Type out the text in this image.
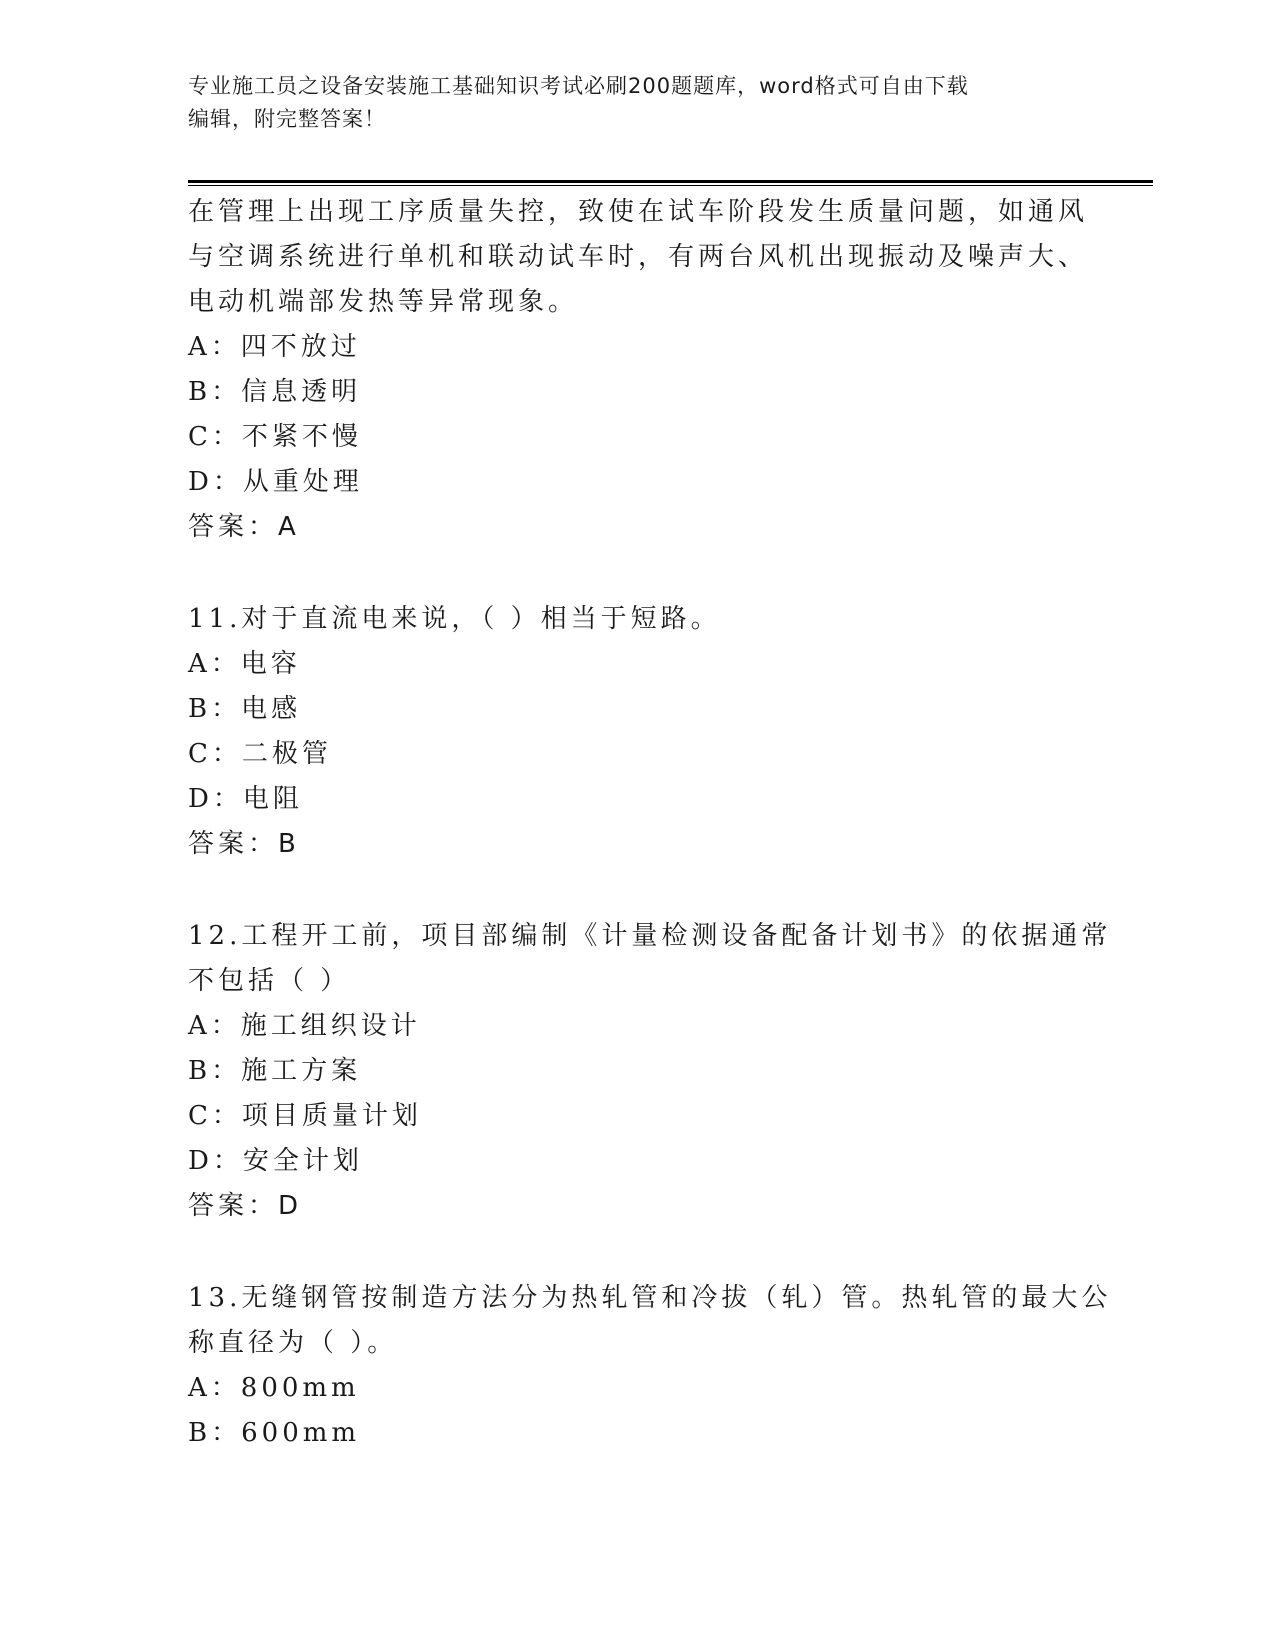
专业施工员之设备安装施工基础知识考试必刷200题题库，word格式可自由下载
编辑，附完整答案！
在管理上出现工序质量失控，致使在试车阶段发生质量问题，如通风
与空调系统进行单机和联动试车时，有两台风机出现振动及噪声大、
电动机端部发热等异常现象。
A：四不放过
B：信息透明
C：不紧不慢
D：从重处理
答案：A
11.对于直流电来说，（ ）相当于短路。
A：电容
B：电感
C：二极管
D：电阻
答案：B
12.工程开工前，项目部编制《计量检测设备配备计划书》的依据通常
不包括（ ）
A：施工组织设计
B：施工方案
C：项目质量计划
D：安全计划
答案：D
13.无缝钢管按制造方法分为热轧管和冷拔（轧）管。热轧管的最大公
称直径为（ ）。
A：800mm
B：600mm
